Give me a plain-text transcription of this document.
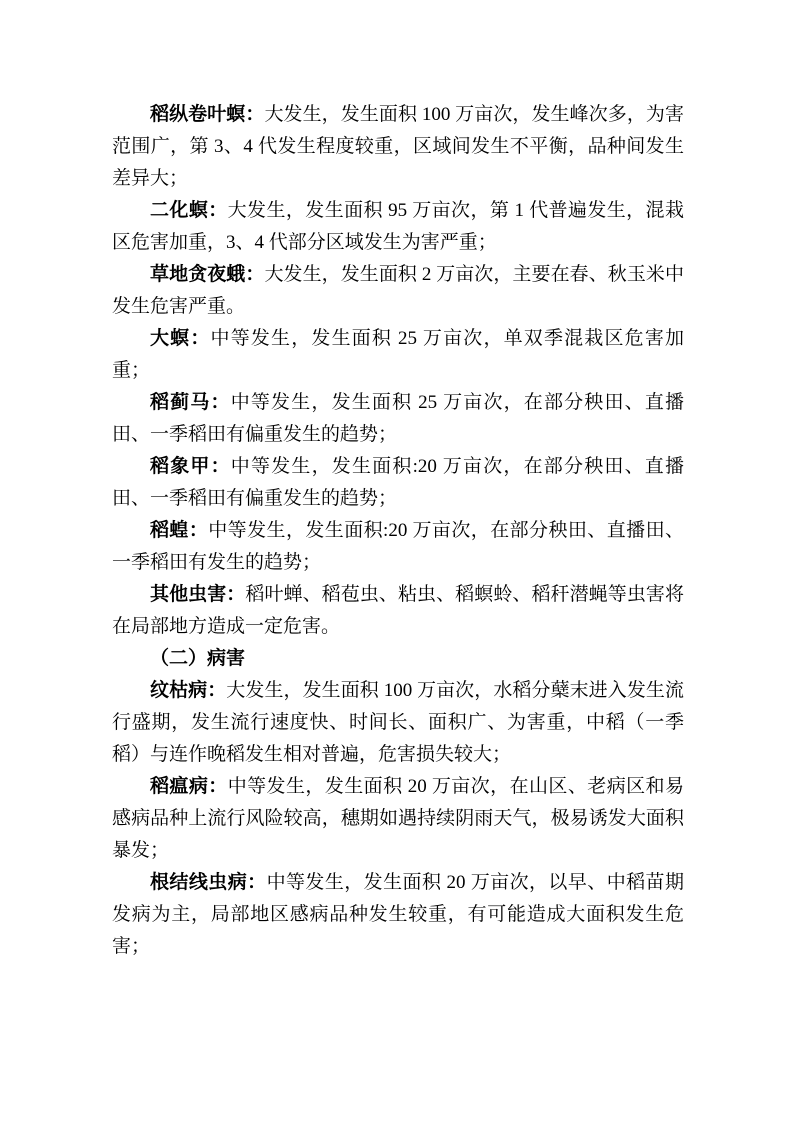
稻纵卷叶螟：大发生，发生面积 100 万亩次，发生峰次多，为害范围广，第 3、4 代发生程度较重，区域间发生不平衡，品种间发生差异大；

二化螟：大发生，发生面积 95 万亩次，第 1 代普遍发生，混栽区危害加重，3、4 代部分区域发生为害严重；

草地贪夜蛾：大发生，发生面积 2 万亩次，主要在春、秋玉米中发生危害严重。

大螟：中等发生，发生面积 25 万亩次，单双季混栽区危害加重；

稻蓟马：中等发生，发生面积 25 万亩次，在部分秧田、直播田、一季稻田有偏重发生的趋势；

稻象甲：中等发生，发生面积:20 万亩次，在部分秧田、直播田、一季稻田有偏重发生的趋势；

稻蝗：中等发生，发生面积:20 万亩次，在部分秧田、直播田、一季稻田有发生的趋势；

其他虫害：稻叶蝉、稻苞虫、粘虫、稻螟蛉、稻秆潜蝇等虫害将在局部地方造成一定危害。

（二）病害

纹枯病：大发生，发生面积 100 万亩次，水稻分蘖末进入发生流行盛期，发生流行速度快、时间长、面积广、为害重，中稻（一季稻）与连作晚稻发生相对普遍，危害损失较大；

稻瘟病：中等发生，发生面积 20 万亩次，在山区、老病区和易感病品种上流行风险较高，穗期如遇持续阴雨天气，极易诱发大面积暴发；

根结线虫病：中等发生，发生面积 20 万亩次，以早、中稻苗期发病为主，局部地区感病品种发生较重，有可能造成大面积发生危害；
